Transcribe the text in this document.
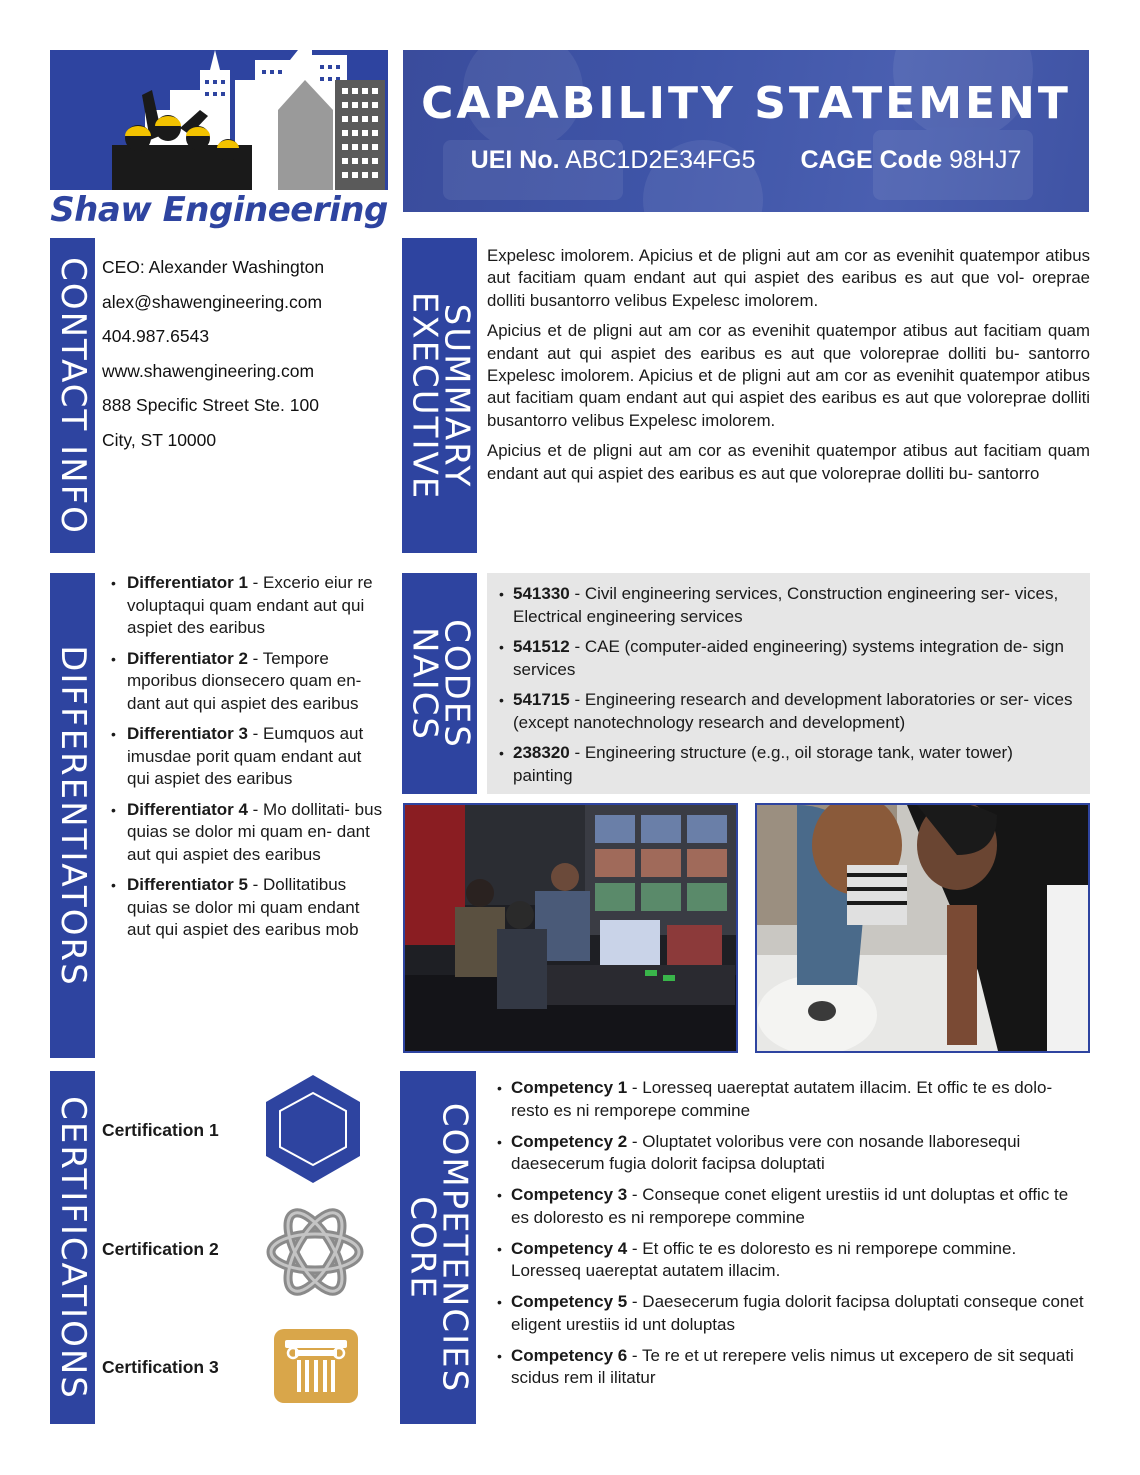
Shaw Engineering
CAPABILITY STATEMENT
UEI No. ABC1D2E34FG5 CAGE Code 98HJ7
CONTACT INFO CEO: Alexander Washington
alex@shawengineering.com
404.987.6543
www.shawengineering.com
888 Specific Street Ste. 100
City, ST 10000	SUMMARY
EXECUTIVE

Expelesc imolorem. Apicius et de pligni aut am cor as evenihit quatempor atibus aut facitiam quam endant aut qui aspiet des earibus es aut que vol- oreprae dolliti busantorro velibus Expelesc imolorem.

Apicius et de pligni aut am cor as evenihit quatempor atibus aut facitiam quam endant aut qui aspiet des earibus es aut que voloreprae dolliti bu- santorro Expelesc imolorem. Apicius et de pligni aut am cor as evenihit quatempor atibus aut facitiam quam endant aut qui aspiet des earibus es aut que voloreprae dolliti busantorro velibus Expelesc imolorem.

Apicius et de pligni aut am cor as evenihit quatempor atibus aut facitiam quam endant aut qui aspiet des earibus es aut que voloreprae dolliti bu- santorro

DIFFERENTIATORS
• Differentiator 1 - Excerio eiur re voluptaqui quam endant aut qui aspiet des earibus
• Differentiator 2 - Tempore mporibus dionsecero quam en- dant aut qui aspiet des earibus
• Differentiator 3 - Eumquos aut imusdae porit quam endant aut qui aspiet des earibus
• Differentiator 4 - Mo dollitati- bus quias se dolor mi quam en- dant aut qui aspiet des earibus
• Differentiator 5 - Dollitatibus quias se dolor mi quam endant aut qui aspiet des earibus mob
CODES
NAICS
• 541330 - Civil engineering services, Construction engineering ser- vices, Electrical engineering services
• 541512 - CAE (computer-aided engineering) systems integration de- sign services
• 541715 - Engineering research and development laboratories or ser- vices (except nanotechnology research and development)
• 238320 - Engineering structure (e.g., oil storage tank, water tower) painting
CERTIFICATIONS Certification 1
Certification 2
Certification 3	COMPETENCIES
CORE
• Competency 1 - Loresseq uaereptat autatem illacim. Et offic te es dolo- resto es ni remporepe commine
• Competency 2 - Oluptatet voloribus vere con nosande llaboresequi daesecerum fugia dolorit facipsa doluptati
• Competency 3 - Conseque conet eligent urestiis id unt doluptas et offic te es doloresto es ni remporepe commine
• Competency 4 - Et offic te es doloresto es ni remporepe commine. Loresseq uaereptat autatem illacim.
• Competency 5 - Daesecerum fugia dolorit facipsa doluptati conseque conet eligent urestiis id unt doluptas
• Competency 6 - Te re et ut rerepere velis nimus ut excepero de sit sequati scidus rem il ilitatur
